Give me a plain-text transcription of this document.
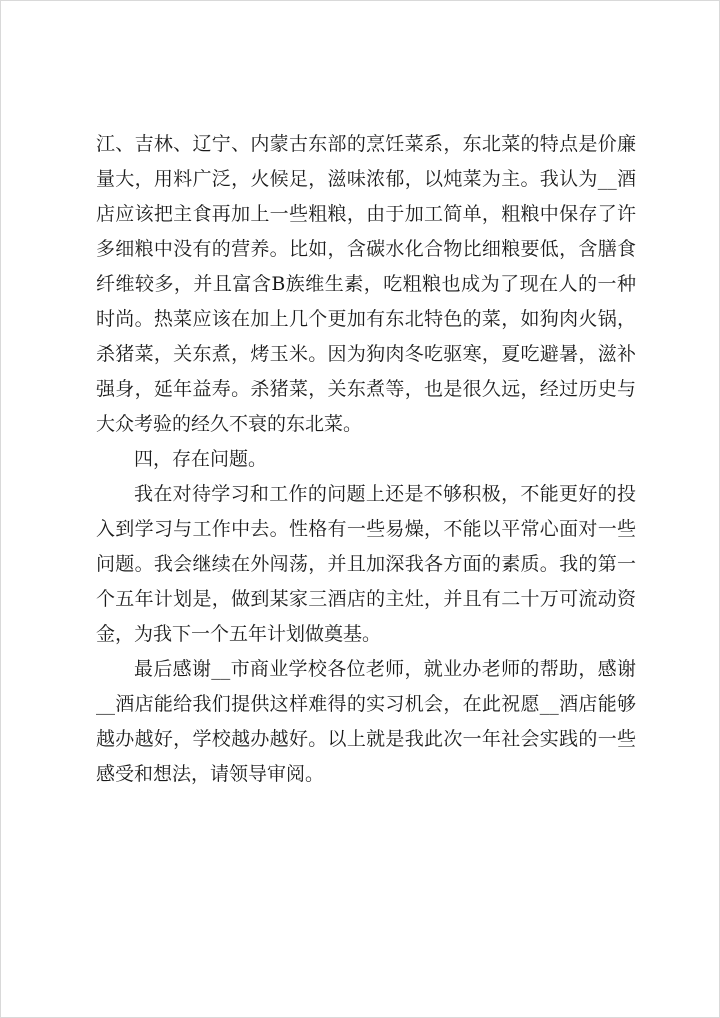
江、吉林、辽宁、内蒙古东部的烹饪菜系，东北菜的特点是价廉
量大，用料广泛，火候足，滋味浓郁，以炖菜为主。我认为__酒
店应该把主食再加上一些粗粮，由于加工简单，粗粮中保存了许
多细粮中没有的营养。比如，含碳水化合物比细粮要低，含膳食
纤维较多，并且富含B族维生素，吃粗粮也成为了现在人的一种
时尚。热菜应该在加上几个更加有东北特色的菜，如狗肉火锅，
杀猪菜，关东煮，烤玉米。因为狗肉冬吃驱寒，夏吃避暑，滋补
强身，延年益寿。杀猪菜，关东煮等，也是很久远，经过历史与
大众考验的经久不衰的东北菜。
四，存在问题。
我在对待学习和工作的问题上还是不够积极，不能更好的投
入到学习与工作中去。性格有一些易燥，不能以平常心面对一些
问题。我会继续在外闯荡，并且加深我各方面的素质。我的第一
个五年计划是，做到某家三酒店的主灶，并且有二十万可流动资
金，为我下一个五年计划做奠基。
最后感谢__市商业学校各位老师，就业办老师的帮助，感谢
__酒店能给我们提供这样难得的实习机会，在此祝愿__酒店能够
越办越好，学校越办越好。以上就是我此次一年社会实践的一些
感受和想法，请领导审阅。
